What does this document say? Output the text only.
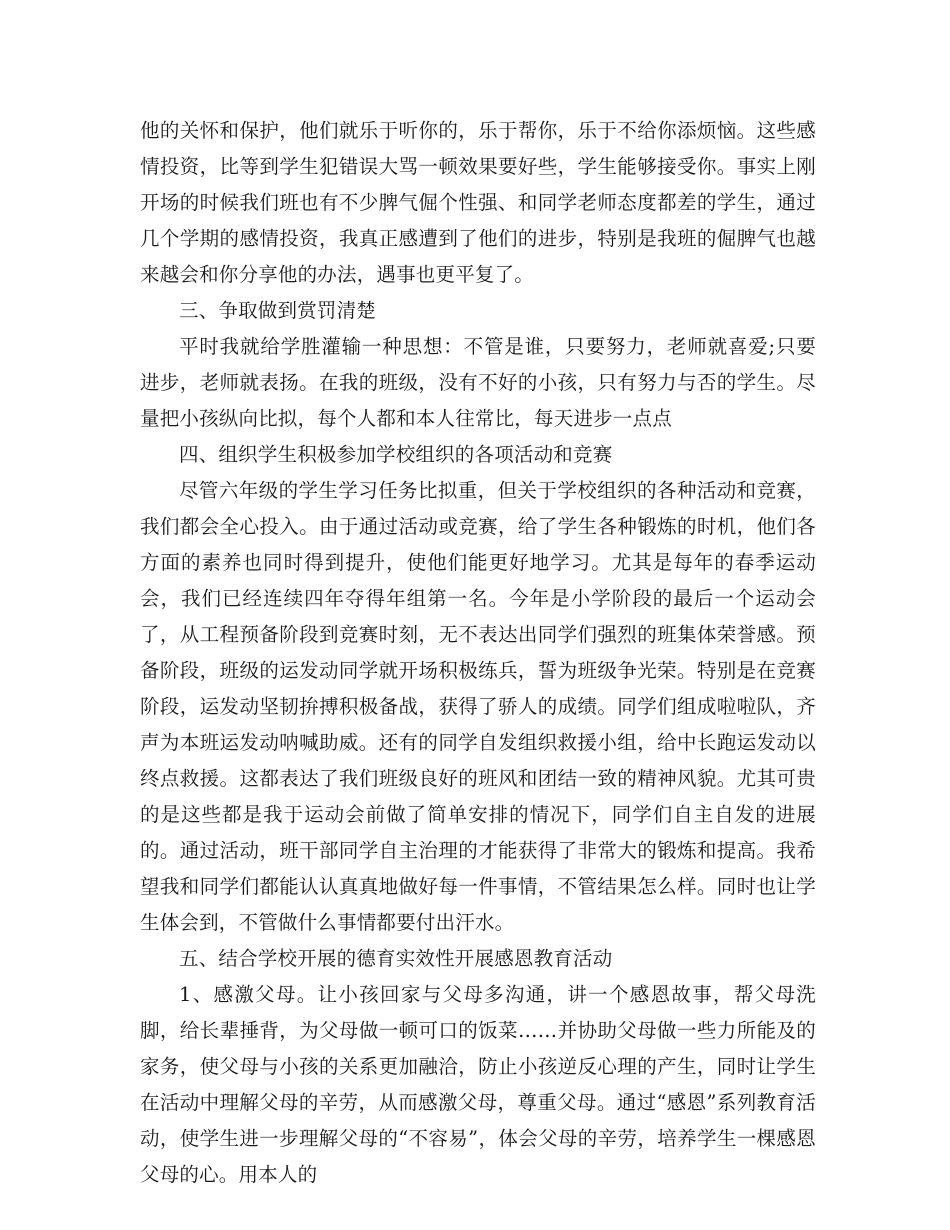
他的关怀和保护，他们就乐于听你的，乐于帮你，乐于不给你添烦恼。这些感情投资，比等到学生犯错误大骂一顿效果要好些，学生能够接受你。事实上刚开场的时候我们班也有不少脾气倔个性强、和同学老师态度都差的学生，通过几个学期的感情投资，我真正感遭到了他们的进步，特别是我班的倔脾气也越来越会和你分享他的办法，遇事也更平复了。

三、争取做到赏罚清楚

平时我就给学胜灌输一种思想：不管是谁，只要努力，老师就喜爱;只要进步，老师就表扬。在我的班级，没有不好的小孩，只有努力与否的学生。尽量把小孩纵向比拟，每个人都和本人往常比，每天进步一点点

四、组织学生积极参加学校组织的各项活动和竞赛

尽管六年级的学生学习任务比拟重，但关于学校组织的各种活动和竞赛，我们都会全心投入。由于通过活动或竞赛，给了学生各种锻炼的时机，他们各方面的素养也同时得到提升，使他们能更好地学习。尤其是每年的春季运动会，我们已经连续四年夺得年组第一名。今年是小学阶段的最后一个运动会了，从工程预备阶段到竞赛时刻，无不表达出同学们强烈的班集体荣誉感。预备阶段，班级的运发动同学就开场积极练兵，誓为班级争光荣。特别是在竞赛阶段，运发动坚韧拚搏积极备战，获得了骄人的成绩。同学们组成啦啦队，齐声为本班运发动呐喊助威。还有的同学自发组织救援小组，给中长跑运发动以终点救援。这都表达了我们班级良好的班风和团结一致的精神风貌。尤其可贵的是这些都是我于运动会前做了简单安排的情况下，同学们自主自发的进展的。通过活动，班干部同学自主治理的才能获得了非常大的锻炼和提高。我希望我和同学们都能认认真真地做好每一件事情，不管结果怎么样。同时也让学生体会到，不管做什么事情都要付出汗水。

五、结合学校开展的德育实效性开展感恩教育活动

1、感激父母。让小孩回家与父母多沟通，讲一个感恩故事，帮父母洗脚，给长辈捶背，为父母做一顿可口的饭菜……并协助父母做一些力所能及的家务，使父母与小孩的关系更加融洽，防止小孩逆反心理的产生，同时让学生在活动中理解父母的辛劳，从而感激父母，尊重父母。通过“感恩”系列教育活动，使学生进一步理解父母的“不容易”，体会父母的辛劳，培养学生一棵感恩父母的心。用本人的
